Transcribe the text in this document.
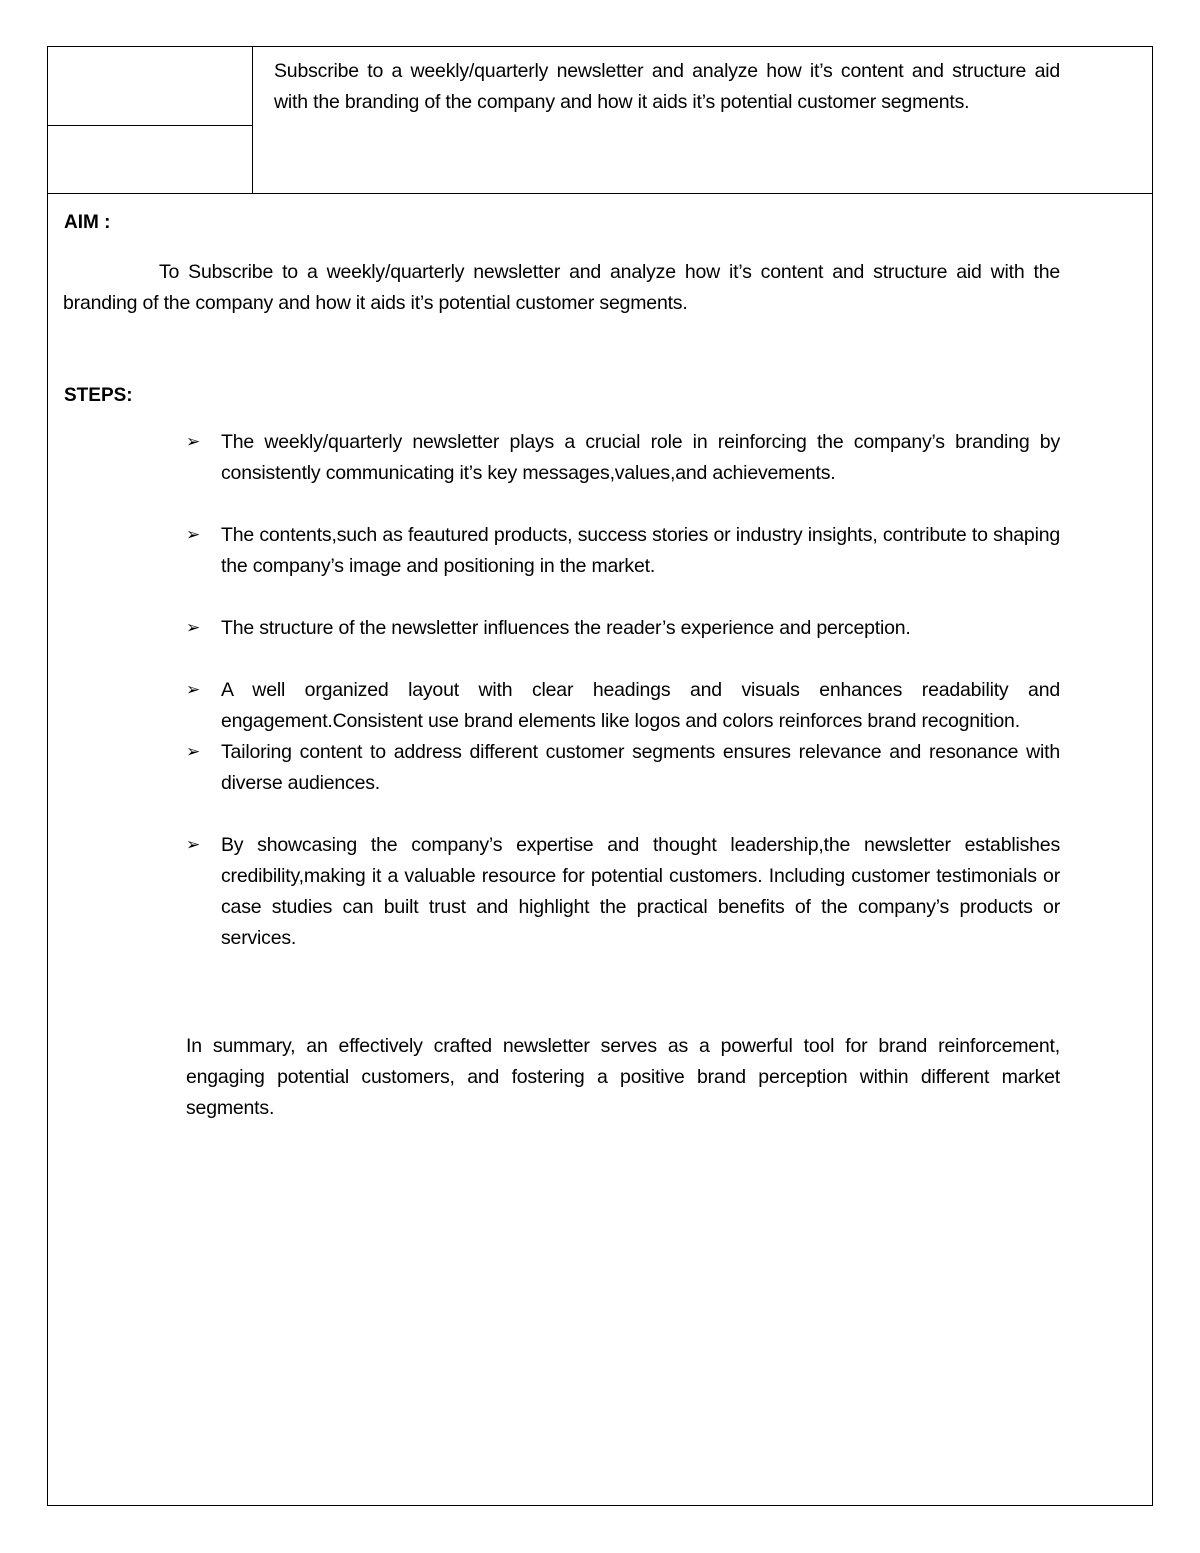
Subscribe to a weekly/quarterly newsletter and analyze how it’s content and structure aid with the branding of the company and how it aids it’s potential customer segments.
AIM :
To Subscribe to a weekly/quarterly newsletter and analyze how it’s content and structure aid with the branding of the company and how it aids it’s potential customer segments.
STEPS:
➢ The weekly/quarterly newsletter plays a crucial role in reinforcing the company’s branding by consistently communicating it’s key messages,values,and achievements.
➢ The contents,such as feautured products, success stories or industry insights, contribute to shaping the company’s image and positioning in the market.
➢ The structure of the newsletter influences the reader’s experience and perception.
➢ A well organized layout with clear headings and visuals enhances readability and engagement.Consistent use brand elements like logos and colors reinforces brand recognition.
➢ Tailoring content to address different customer segments ensures relevance and resonance with diverse audiences.
➢ By showcasing the company’s expertise and thought leadership,the newsletter establishes credibility,making it a valuable resource for potential customers. Including customer testimonials or case studies can built trust and highlight the practical benefits of the company’s products or services.
In summary, an effectively crafted newsletter serves as a powerful tool for brand reinforcement, engaging potential customers, and fostering a positive brand perception within different market segments.
